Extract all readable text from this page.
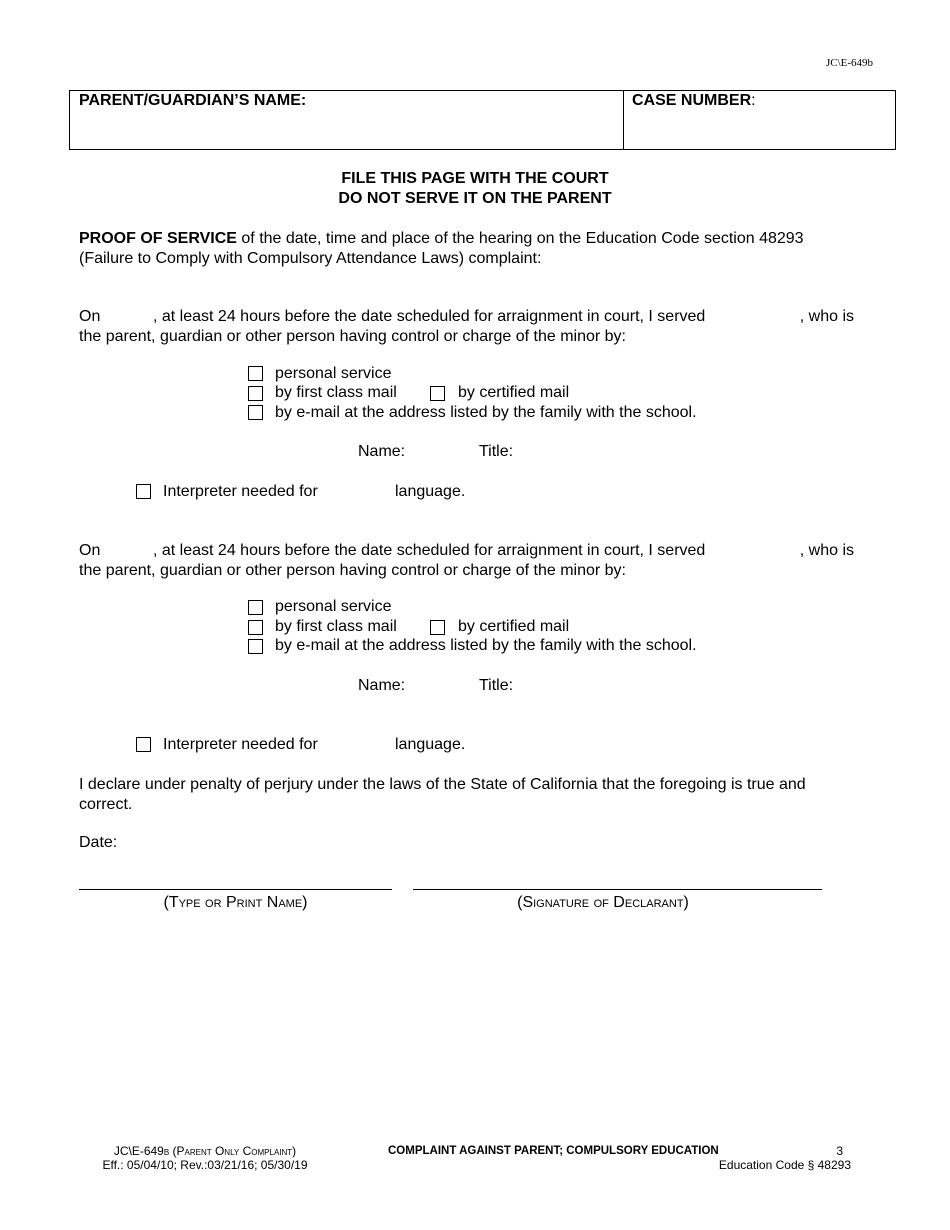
JC\E-649b
PARENT/GUARDIAN’S NAME:	CASE NUMBER:
FILE THIS PAGE WITH THE COURT
DO NOT SERVE IT ON THE PARENT
PROOF OF SERVICE of the date, time and place of the hearing on the Education Code section 48293
(Failure to Comply with Compulsory Attendance Laws) complaint:
On	, at least 24 hours before the date scheduled for arraignment in court, I served	, who is
the parent, guardian or other person having control or charge of the minor by:
personal service
by first class mail	by certified mail
by e-mail at the address listed by the family with the school.
Name:	Title:
Interpreter needed for	language.
On	, at least 24 hours before the date scheduled for arraignment in court, I served	, who is
the parent, guardian or other person having control or charge of the minor by:
personal service
by first class mail	by certified mail
by e-mail at the address listed by the family with the school.
Name:	Title:
Interpreter needed for	language.
I declare under penalty of perjury under the laws of the State of California that the foregoing is true and
correct.
Date:
(Type or Print Name)	(Signature of Declarant)
JC\E-649b (Parent Only Complaint)
Eff.: 05/04/10; Rev.:03/21/16; 05/30/19
COMPLAINT AGAINST PARENT; COMPULSORY EDUCATION	3
Education Code § 48293
